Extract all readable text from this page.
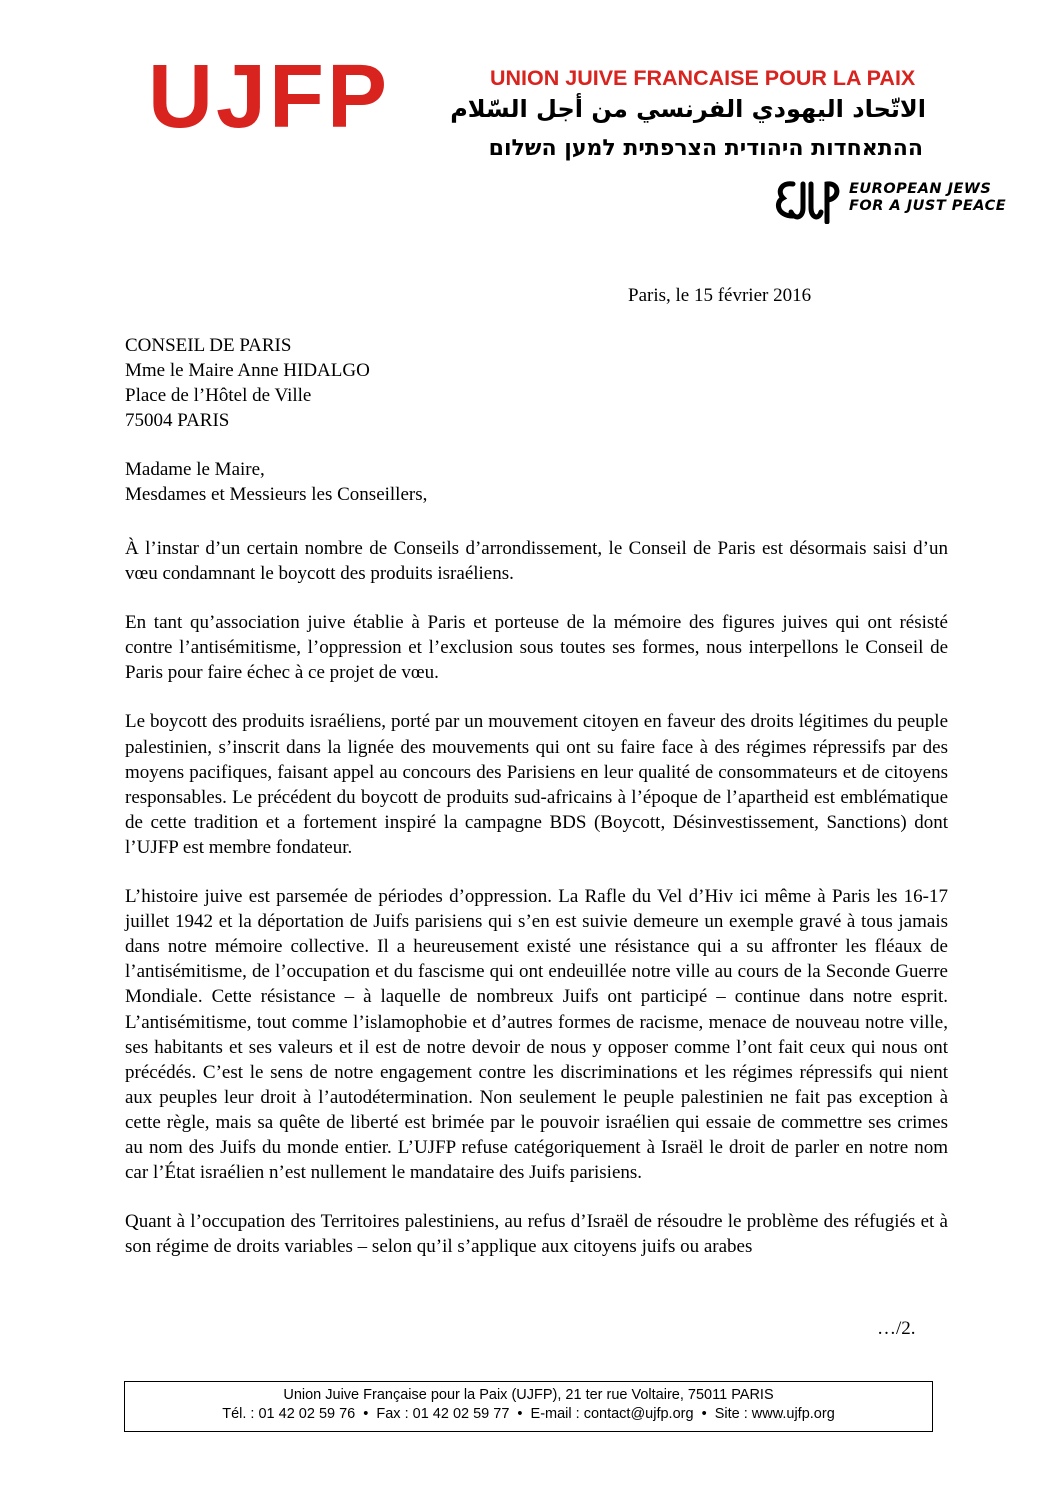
UJFP	UNION JUIVE FRANCAISE POUR LA PAIX
الاتّحاد اليهودي الفرنسي من أجل السّلام
ההתאחדות היהודית הצרפתית למען השלום
EUROPEAN JEWS
FOR A JUST PEACE
Paris, le 15 février 2016
CONSEIL DE PARIS
Mme le Maire Anne HIDALGO
Place de l’Hôtel de Ville
75004 PARIS
Madame le Maire,
Mesdames et Messieurs les Conseillers,

À l’instar d’un certain nombre de Conseils d’arrondissement, le Conseil de Paris est désormais saisi d’un vœu condamnant le boycott des produits israéliens.

En tant qu’association juive établie à Paris et porteuse de la mémoire des figures juives qui ont résisté contre l’antisémitisme, l’oppression et l’exclusion sous toutes ses formes, nous interpellons le Conseil de Paris pour faire échec à ce projet de vœu.

Le boycott des produits israéliens, porté par un mouvement citoyen en faveur des droits légitimes du peuple palestinien, s’inscrit dans la lignée des mouvements qui ont su faire face à des régimes répressifs par des moyens pacifiques, faisant appel au concours des Parisiens en leur qualité de consommateurs et de citoyens responsables. Le précédent du boycott de produits sud-africains à l’époque de l’apartheid est emblématique de cette tradition et a fortement inspiré la campagne BDS (Boycott, Désinvestissement, Sanctions) dont l’UJFP est membre fondateur.

L’histoire juive est parsemée de périodes d’oppression. La Rafle du Vel d’Hiv ici même à Paris les 16-17 juillet 1942 et la déportation de Juifs parisiens qui s’en est suivie demeure un exemple gravé à tous jamais dans notre mémoire collective. Il a heureusement existé une résistance qui a su affronter les fléaux de l’antisémitisme, de l’occupation et du fascisme qui ont endeuillée notre ville au cours de la Seconde Guerre Mondiale. Cette résistance – à laquelle de nombreux Juifs ont participé – continue dans notre esprit. L’antisémitisme, tout comme l’islamophobie et d’autres formes de racisme, menace de nouveau notre ville, ses habitants et ses valeurs et il est de notre devoir de nous y opposer comme l’ont fait ceux qui nous ont précédés. C’est le sens de notre engagement contre les discriminations et les régimes répressifs qui nient aux peuples leur droit à l’autodétermination. Non seulement le peuple palestinien ne fait pas exception à cette règle, mais sa quête de liberté est brimée par le pouvoir israélien qui essaie de commettre ses crimes au nom des Juifs du monde entier. L’UJFP refuse catégoriquement à Israël le droit de parler en notre nom car l’État israélien n’est nullement le mandataire des Juifs parisiens.

Quant à l’occupation des Territoires palestiniens, au refus d’Israël de résoudre le problème des réfugiés et à son régime de droits variables – selon qu’il s’applique aux citoyens juifs ou arabes

…/2.
Union Juive Française pour la Paix (UJFP), 21 ter rue Voltaire, 75011 PARIS
Tél. : 01 42 02 59 76 • Fax : 01 42 02 59 77 • E-mail : contact@ujfp.org • Site : www.ujfp.org
